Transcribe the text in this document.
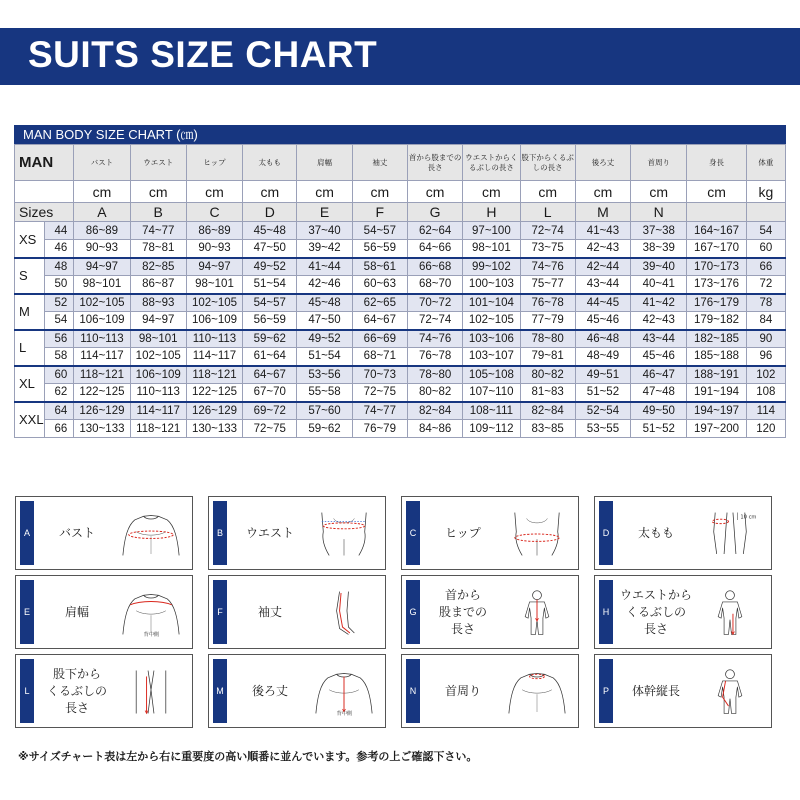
SUITS SIZE CHART
MAN BODY SIZE CHART (㎝)
MAN		バスト	ウエスト	ヒップ	太もも	肩幅	袖丈	首から股までの長さ	ウエストからくるぶしの長さ	股下からくるぶしの長さ	後ろ丈	首周り	身長	体重
		cm	cm	cm	cm	cm	cm	cm	cm	cm	cm	cm	cm	kg
Sizes		A	B	C	D	E	F	G	H	L	M	N		
XS	44	86~89	74~77	86~89	45~48	37~40	54~57	62~64	97~100	72~74	41~43	37~38	164~167	54
	46	90~93	78~81	90~93	47~50	39~42	56~59	64~66	98~101	73~75	42~43	38~39	167~170	60
S	48	94~97	82~85	94~97	49~52	41~44	58~61	66~68	99~102	74~76	42~44	39~40	170~173	66
	50	98~101	86~87	98~101	51~54	42~46	60~63	68~70	100~103	75~77	43~44	40~41	173~176	72
M	52	102~105	88~93	102~105	54~57	45~48	62~65	70~72	101~104	76~78	44~45	41~42	176~179	78
	54	106~109	94~97	106~109	56~59	47~50	64~67	72~74	102~105	77~79	45~46	42~43	179~182	84
L	56	110~113	98~101	110~113	59~62	49~52	66~69	74~76	103~106	78~80	46~48	43~44	182~185	90
	58	114~117	102~105	114~117	61~64	51~54	68~71	76~78	103~107	79~81	48~49	45~46	185~188	96
XL	60	118~121	106~109	118~121	64~67	53~56	70~73	78~80	105~108	80~82	49~51	46~47	188~191	102
	62	122~125	110~113	122~125	67~70	55~58	72~75	80~82	107~110	81~83	51~52	47~48	191~194	108
XXL	64	126~129	114~117	126~129	69~72	57~60	74~77	82~84	108~111	82~84	52~54	49~50	194~197	114
	66	130~133	118~121	130~133	72~75	59~62	76~79	84~86	109~112	83~85	53~55	51~52	197~200	120
A	バスト	B	ウエスト	C	ヒップ	D	太もも
10 cm
E	肩幅
背中側
F	袖丈	G
首から
股までの
長さ
H
ウエストから
くるぶしの
長さ
L
股下から
くるぶしの
長さ
M	後ろ丈
背中側
N	首周り	P	体幹縦長
※サイズチャート表は左から右に重要度の高い順番に並んでいます。参考の上ご確認下さい。
